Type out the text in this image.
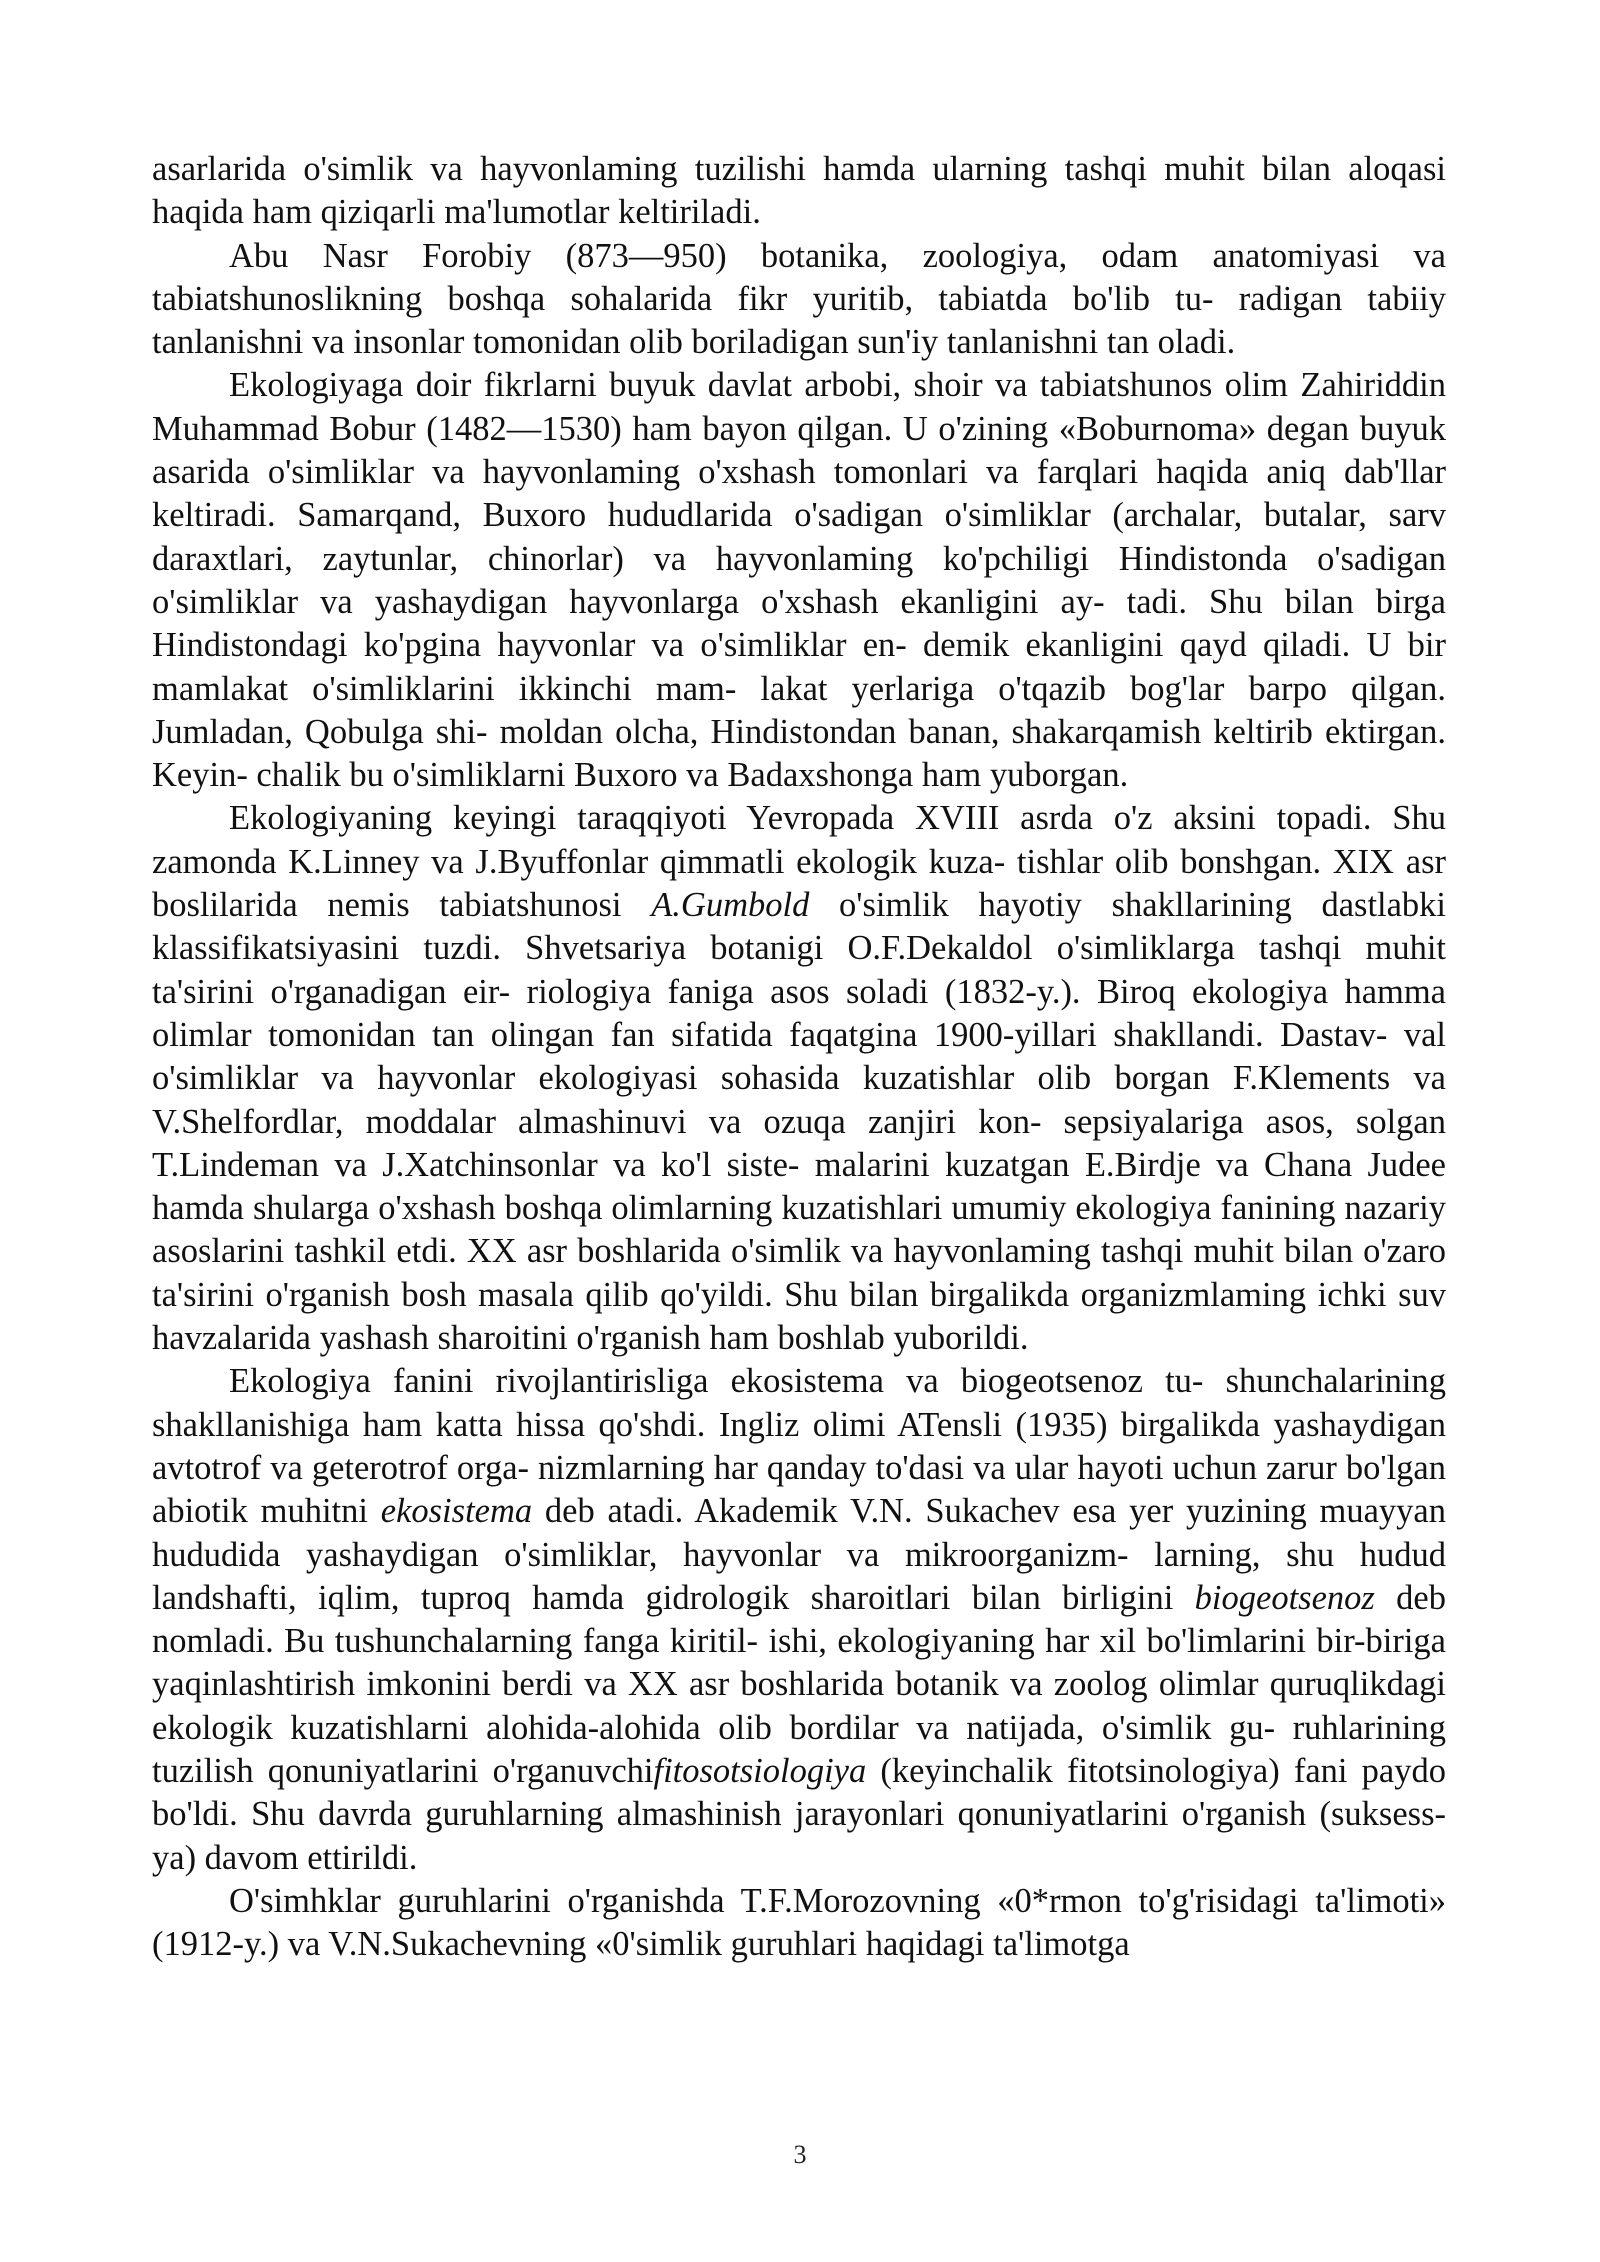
asarlarida o'simlik va hayvonlaming tuzilishi hamda ularning tashqi muhit bilan aloqasi haqida ham qiziqarli ma'lumotlar keltiriladi.

Abu Nasr Forobiy (873—950) botanika, zoologiya, odam anatomiyasi va tabiatshunoslikning boshqa sohalarida fikr yuritib, tabiatda bo'lib tu- radigan tabiiy tanlanishni va insonlar tomonidan olib boriladigan sun'iy tanlanishni tan oladi.

Ekologiyaga doir fikrlarni buyuk davlat arbobi, shoir va tabiatshunos olim Zahiriddin Muhammad Bobur (1482—1530) ham bayon qilgan. U o'zining «Boburnoma» degan buyuk asarida o'simliklar va hayvonlaming o'xshash tomonlari va farqlari haqida aniq dab'llar keltiradi. Samarqand, Buxoro hududlarida o'sadigan o'simliklar (archalar, butalar, sarv daraxtlari, zaytunlar, chinorlar) va hayvonlaming ko'pchiligi Hindistonda o'sadigan o'simliklar va yashaydigan hayvonlarga o'xshash ekanligini ay- tadi. Shu bilan birga Hindistondagi ko'pgina hayvonlar va o'simliklar en- demik ekanligini qayd qiladi. U bir mamlakat o'simliklarini ikkinchi mam- lakat yerlariga o'tqazib bog'lar barpo qilgan. Jumladan, Qobulga shi- moldan olcha, Hindistondan banan, shakarqamish keltirib ektirgan. Keyin- chalik bu o'simliklarni Buxoro va Badaxshonga ham yuborgan.

Ekologiyaning keyingi taraqqiyoti Yevropada XVIII asrda o'z aksini topadi. Shu zamonda K.Linney va J.Byuffonlar qimmatli ekologik kuza- tishlar olib bonshgan. XIX asr boslilarida nemis tabiatshunosi A.Gumbold o'simlik hayotiy shakllarining dastlabki klassifikatsiyasini tuzdi. Shvetsariya botanigi O.F.Dekaldol o'simliklarga tashqi muhit ta'sirini o'rganadigan eir- riologiya faniga asos soladi (1832-y.). Biroq ekologiya hamma olimlar tomonidan tan olingan fan sifatida faqatgina 1900-yillari shakllandi. Dastav- val o'simliklar va hayvonlar ekologiyasi sohasida kuzatishlar olib borgan F.Klements va V.Shelfordlar, moddalar almashinuvi va ozuqa zanjiri kon- sepsiyalariga asos, solgan T.Lindeman va J.Xatchinsonlar va ko'l siste- malarini kuzatgan E.Birdje va Chana Judee hamda shularga o'xshash boshqa olimlarning kuzatishlari umumiy ekologiya fanining nazariy asoslarini tashkil etdi. XX asr boshlarida o'simlik va hayvonlaming tashqi muhit bilan o'zaro ta'sirini o'rganish bosh masala qilib qo'yildi. Shu bilan birgalikda organizmlaming ichki suv havzalarida yashash sharoitini o'rganish ham boshlab yuborildi.

Ekologiya fanini rivojlantirisliga ekosistema va biogeotsenoz tu- shunchalarining shakllanishiga ham katta hissa qo'shdi. Ingliz olimi ATensli (1935) birgalikda yashaydigan avtotrof va geterotrof orga- nizmlarning har qanday to'dasi va ular hayoti uchun zarur bo'lgan abiotik muhitni ekosistema deb atadi. Akademik V.N. Sukachev esa yer yuzining muayyan hududida yashaydigan o'simliklar, hayvonlar va mikroorganizm- larning, shu hudud landshafti, iqlim, tuproq hamda gidrologik sharoitlari bilan birligini biogeotsenoz deb nomladi. Bu tushunchalarning fanga kiritil- ishi, ekologiyaning har xil bo'limlarini bir-biriga yaqinlashtirish imkonini berdi va XX asr boshlarida botanik va zoolog olimlar quruqlikdagi ekologik kuzatishlarni alohida-alohida olib bordilar va natijada, o'simlik gu- ruhlarining tuzilish qonuniyatlarini o'rganuvchifitosotsiologiya (keyinchalik fitotsinologiya) fani paydo bo'ldi. Shu davrda guruhlarning almashinish jarayonlari qonuniyatlarini o'rganish (suksess-ya) davom ettirildi.

O'simhklar guruhlarini o'rganishda T.F.Morozovning «0*rmon to'g'risidagi ta'limoti» (1912-y.) va V.N.Sukachevning «0'simlik guruhlari haqidagi ta'limotga

3
